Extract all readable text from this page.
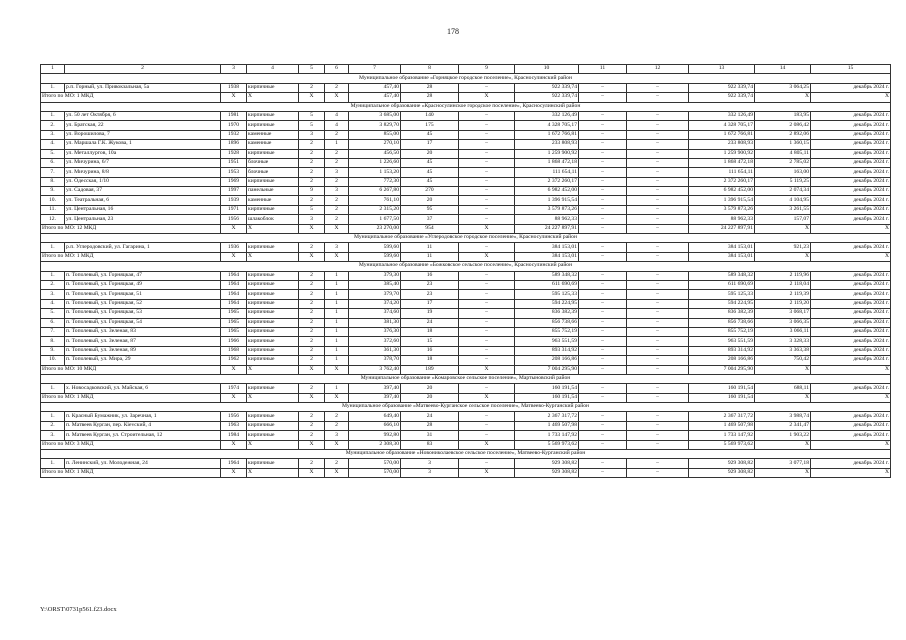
178
1	2	3	4	5	6	7	8	9	10	11	12	13	14	15
Муниципальное образование «Горняцкое городское поселение», Красносулинский район														
1.	р.п. Горный, ул. Привокзальная, 5а	1938	кирпичные	2	2	457,40	28	–	922 339,74	–	–	922 339,74	3 064,25	декабрь 2024 г.
Итого по МО: 1 МКД		X	X	X	X	457,40	28	X	922 339,74	–	–	922 339,74	X	X
Муниципальное образование «Красносулинское городское поселение», Красносулинский район														
1.	ул. 50 лет Октября, 6	1981	кирпичные	5	4	3 685,00	140	–	332 126,49	–	–	332 126,49	183,95	декабрь 2024 г.
2.	ул. Братская, 22	1970	кирпичные	5	4	3 829,70	175	–	4 328 705,17	–	–	4 328 705,17	2 086,42	декабрь 2024 г.
3.	ул. Ворошилова, 7	1932	каменные	3	2	855,00	45	–	1 672 766,81	–	–	1 672 766,81	2 892,06	декабрь 2024 г.
4.	ул. Маршала Г.К. Жукова, 1	1896	каменные	2	1	270,10	17	–	233 808,93	–	–	233 808,93	1 360,15	декабрь 2024 г.
5.	ул. Металлургов, 10а	1928	кирпичные	2	2	456,50	20	–	1 259 900,92	–	–	1 259 900,92	4 805,11	декабрь 2024 г.
6.	ул. Мичурина, 6/7	1951	блочные	2	2	1 226,60	45	–	1 868 472,18	–	–	1 868 472,18	2 785,02	декабрь 2024 г.
7.	ул. Мичурина, 8/8	1953	блочные	2	3	1 153,20	45	–	111 654,11	–	–	111 654,11	163,00	декабрь 2024 г.
8.	ул. Одесская, 1/10	1969	кирпичные	2	2	772,30	45	–	2 372 260,17	–	–	2 372 260,17	5 119,25	декабрь 2024 г.
9.	ул. Садовая, 37	1997	панельные	9	3	6 267,80	270	–	6 982 452,00	–	–	6 982 452,00	2 074,34	декабрь 2024 г.
10.	ул. Театральная, 6	1939	каменные	2	2	761,10	20	–	1 396 915,54	–	–	1 396 915,54	4 104,95	декабрь 2024 г.
11.	ул. Центральная, 16	1971	кирпичные	5	2	2 315,20	95	–	3 579 873,26	–	–	3 579 873,26	3 261,55	декабрь 2024 г.
12.	ул. Центральная, 23	1956	шлакоблок	3	2	1 677,50	37	–	88 962,33	–	–	88 962,33	157,07	декабрь 2024 г.
Итого по МО: 12 МКД		X	X	X	X	23 270,00	954	X	24 227 897,91	–	–	24 227 897,91	X	X
Муниципальное образование «Углеродовское городское поселение», Красносулинский район														
1.	р.п. Углеродовский, ул. Гагарина, 1	1936	кирпичные	2	3	599,60	11	–	384 153,01	–	–	384 153,01	921,23	декабрь 2024 г.
Итого по МО: 1 МКД		X	X	X	X	599,60	11	X	384 153,01	–	–	384 153,01	X	X
Муниципальное образование «Божковское сельское поселение», Красносулинский район														
1.	п. Тополевый, ул. Горняцкая, 47	1964	кирпичные	2	1	379,30	16	–	589 348,32	–	–	589 348,32	2 119,96	декабрь 2024 г.
2.	п. Тополевый, ул. Горняцкая, 49	1964	кирпичные	2	1	385,40	23	–	611 690,69	–	–	611 690,69	2 118,04	декабрь 2024 г.
3.	п. Тополевый, ул. Горняцкая, 51	1964	кирпичные	2	1	379,70	23	–	595 125,33	–	–	595 125,33	2 119,39	декабрь 2024 г.
4.	п. Тополевый, ул. Горняцкая, 52	1964	кирпичные	2	1	374,20	17	–	594 224,95	–	–	594 224,95	2 119,20	декабрь 2024 г.
5.	п. Тополевый, ул. Горняцкая, 53	1965	кирпичные	2	1	374,60	19	–	836 382,39	–	–	836 382,39	3 068,17	декабрь 2024 г.
6.	п. Тополевый, ул. Горняцкая, 54	1965	кирпичные	2	1	381,30	24	–	856 738,66	–	–	856 738,66	3 066,35	декабрь 2024 г.
7.	п. Тополевый, ул. Зеленая, 83	1965	кирпичные	2	1	376,30	18	–	855 752,19	–	–	855 752,19	3 066,11	декабрь 2024 г.
8.	п. Тополевый, ул. Зеленая, 87	1966	кирпичные	2	1	372,60	15	–	963 551,59	–	–	963 551,59	3 328,33	декабрь 2024 г.
9.	п. Тополевый, ул. Зеленая, 89	1968	кирпичные	2	1	361,30	16	–	893 314,92	–	–	893 314,92	3 363,38	декабрь 2024 г.
10.	п. Тополевый, ул. Мира, 29	1962	кирпичные	2	1	378,70	18	–	208 166,86	–	–	208 166,86	750,42	декабрь 2024 г.
Итого по МО: 10 МКД		X	X	X	X	3 762,40	189	X	7 004 295,90	–	–	7 004 295,90	X	X
Муниципальное образование «Комаровское сельское поселение», Мартыновский район														
1.	х. Новосадковский, ул. Майская, 6	1974	кирпичные	2	1	397,40	20	–	160 191,54	–	–	160 191,54	688,11	декабрь 2024 г.
Итого по МО: 1 МКД		X	X	X	X	397,40	20	X	160 191,54	–	–	160 191,54	X	X
Муниципальное образование «Матвеево-Курганское сельское поселение», Матвеево-Курганский район														
1.	п. Красный Бумажник, ул. Заречная, 1	1956	кирпичные	2	2	649,40	24	–	2 367 317,72	–	–	2 367 317,72	3 988,74	декабрь 2024 г.
2.	п. Матвеев Курган, пер. Кievский, 4	1963	кирпичные	2	2	666,10	28	–	1 469 507,98	–	–	1 469 507,98	2 341,47	декабрь 2024 г.
3.	п. Матвеев Курган, ул. Строительная, 12	1984	кирпичные	2	3	992,80	31	–	1 733 147,92	–	–	1 733 147,92	1 903,22	декабрь 2024 г.
Итого по МО: 3 МКД		X	X	X	X	2 308,30	83	X	5 569 973,62	–	–	5 569 973,62	X	X
Муниципальное образование «Новониколаевское сельское поселение», Матвеево-Курганский район														
1.	п. Ленинский, ул. Молодежная, 24	1964	кирпичные	2	2	570,00	3	–	929 308,82	–	–	929 308,82	3 077,18	декабрь 2024 г.
Итого по МО: 1 МКД		X	X	X	X	570,00	3	X	929 308,82	–	–	929 308,82	X	X
Y:\ORST\0731p561.f23.docx
